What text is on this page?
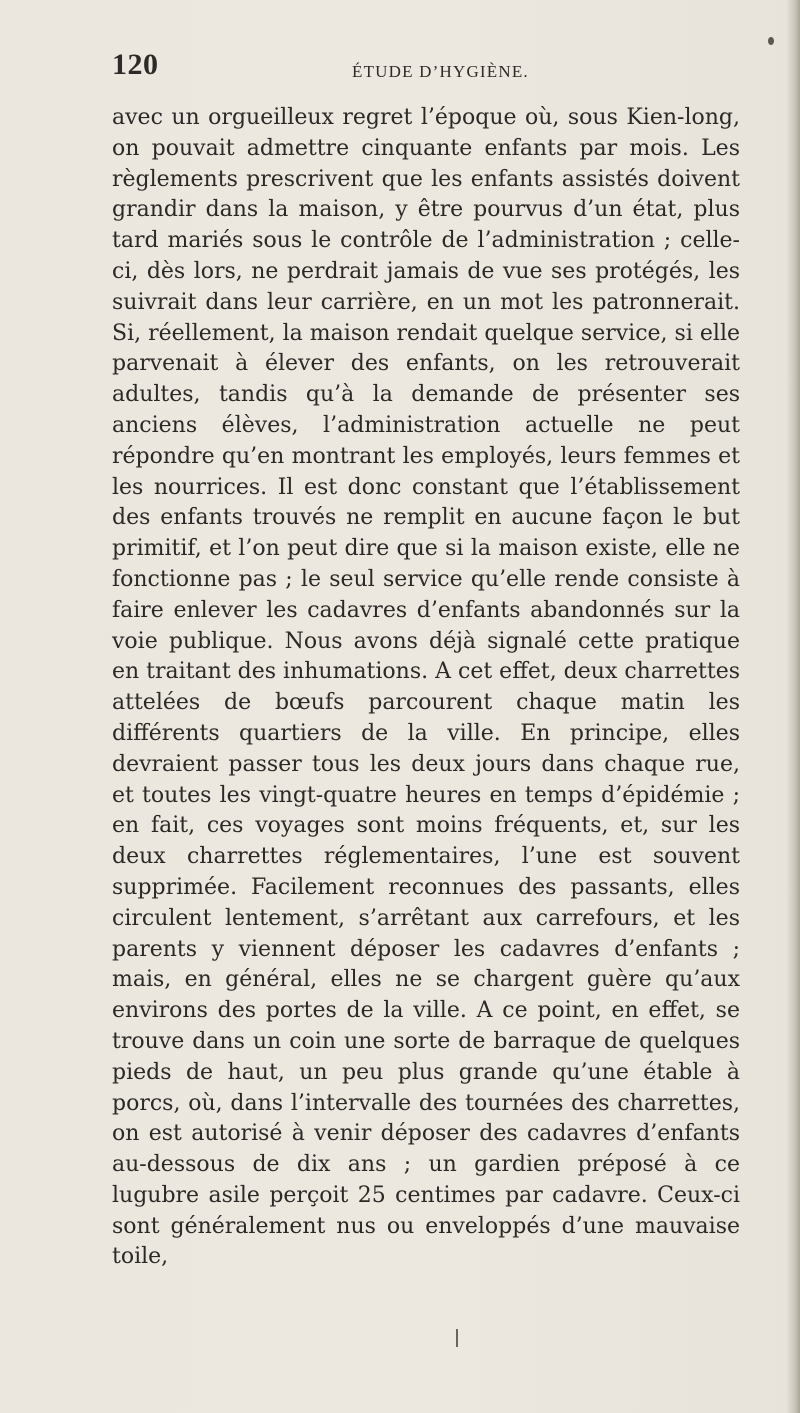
120	ÉTUDE D’HYGIÈNE.

avec un orgueilleux regret l’époque où, sous Kien-long, on pouvait admettre cinquante enfants par mois. Les règlements prescrivent que les enfants assistés doivent grandir dans la maison, y être pourvus d’un état, plus tard mariés sous le contrôle de l’administration ; celle-ci, dès lors, ne perdrait jamais de vue ses protégés, les suivrait dans leur carrière, en un mot les patronnerait. Si, réellement, la maison rendait quelque service, si elle parvenait à élever des enfants, on les retrouverait adultes, tandis qu’à la demande de présenter ses anciens élèves, l’administration actuelle ne peut répondre qu’en montrant les employés, leurs femmes et les nourrices. Il est donc constant que l’établissement des enfants trouvés ne remplit en aucune façon le but primitif, et l’on peut dire que si la maison existe, elle ne fonctionne pas ; le seul service qu’elle rende consiste à faire enlever les cadavres d’enfants abandonnés sur la voie publique. Nous avons déjà signalé cette pratique en traitant des inhumations. A cet effet, deux charrettes attelées de bœufs parcourent chaque matin les différents quartiers de la ville. En principe, elles devraient passer tous les deux jours dans chaque rue, et toutes les vingt-quatre heures en temps d’épidémie ; en fait, ces voyages sont moins fréquents, et, sur les deux charrettes réglementaires, l’une est souvent supprimée. Facilement reconnues des passants, elles circulent lentement, s’arrêtant aux carrefours, et les parents y viennent déposer les cadavres d’enfants ; mais, en général, elles ne se chargent guère qu’aux environs des portes de la ville. A ce point, en effet, se trouve dans un coin une sorte de barraque de quelques pieds de haut, un peu plus grande qu’une étable à porcs, où, dans l’intervalle des tournées des charrettes, on est autorisé à venir déposer des cadavres d’enfants au-dessous de dix ans ; un gardien préposé à ce lugubre asile perçoit 25 centimes par cadavre. Ceux-ci sont généralement nus ou enveloppés d’une mauvaise toile,
